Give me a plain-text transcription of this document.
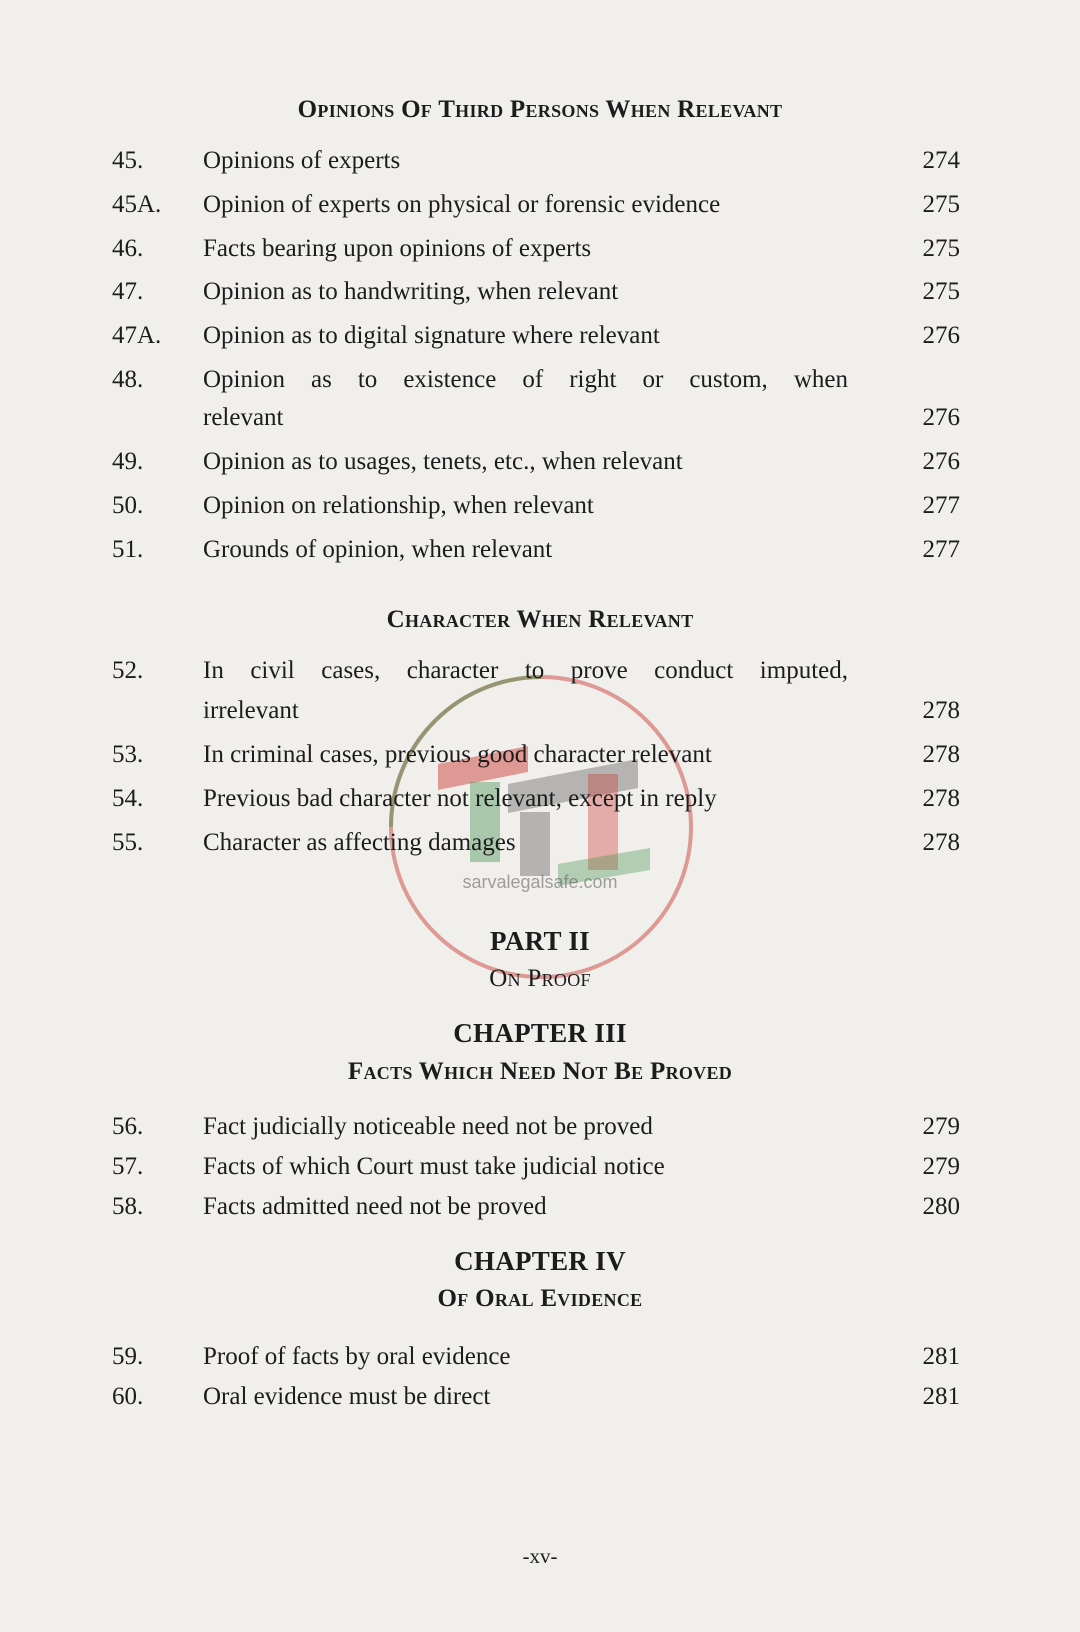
Opinions Of Third Persons When Relevant
45. Opinions of experts	274
45A. Opinion of experts on physical or forensic evidence	275
46. Facts bearing upon opinions of experts	275
47. Opinion as to handwriting, when relevant	275
47A. Opinion as to digital signature where relevant	276
48. Opinion as to existence of right or custom, when
relevant	276
49. Opinion as to usages, tenets, etc., when relevant	276
50. Opinion on relationship, when relevant	277
51. Grounds of opinion, when relevant	277
sarvalegalsafe.com
Character When Relevant
52. In civil cases, character to prove conduct imputed,
irrelevant	278
53. In criminal cases, previous good character relevant	278
54. Previous bad character not relevant, except in reply	278
55. Character as affecting damages	278
PART II
On Proof
CHAPTER III
Facts Which Need Not Be Proved
56. Fact judicially noticeable need not be proved	279
57. Facts of which Court must take judicial notice	279
58. Facts admitted need not be proved	280
CHAPTER IV
Of Oral Evidence
59. Proof of facts by oral evidence	281
60. Oral evidence must be direct	281
-xv-
